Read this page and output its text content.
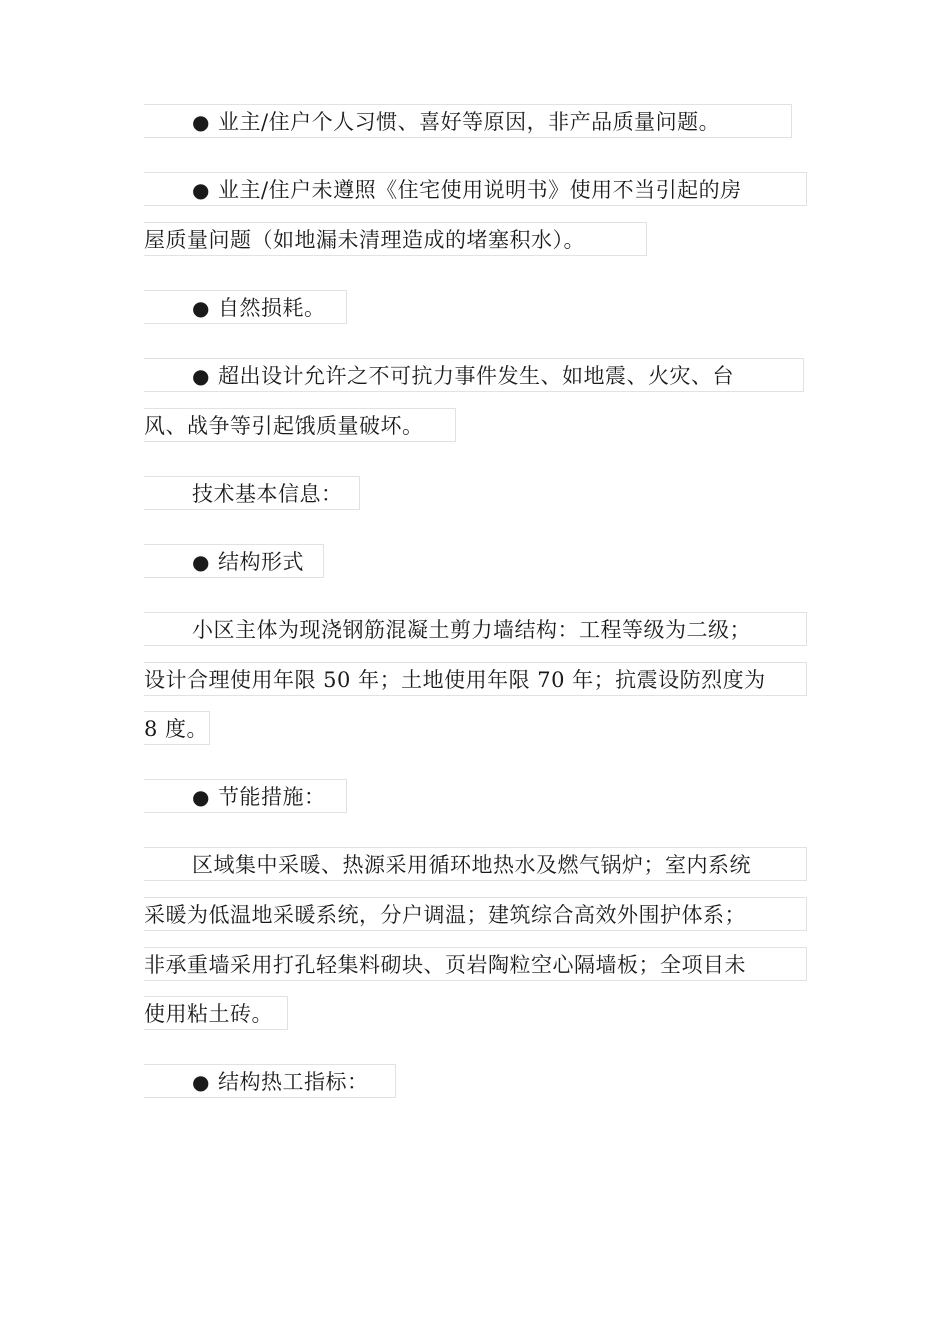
● 业主/住户个人习惯、喜好等原因，非产品质量问题。
● 业主/住户未遵照《住宅使用说明书》使用不当引起的房
屋质量问题（如地漏未清理造成的堵塞积水）。
● 自然损耗。
● 超出设计允许之不可抗力事件发生、如地震、火灾、台
风、战争等引起饿质量破坏。
技术基本信息：
● 结构形式
小区主体为现浇钢筋混凝土剪力墙结构：工程等级为二级；
设计合理使用年限 50 年；土地使用年限 70 年；抗震设防烈度为
8 度。
● 节能措施：
区域集中采暖、热源采用循环地热水及燃气锅炉；室内系统
采暖为低温地采暖系统，分户调温；建筑综合高效外围护体系；
非承重墙采用打孔轻集料砌块、页岩陶粒空心隔墙板；全项目未
使用粘土砖。
● 结构热工指标：
